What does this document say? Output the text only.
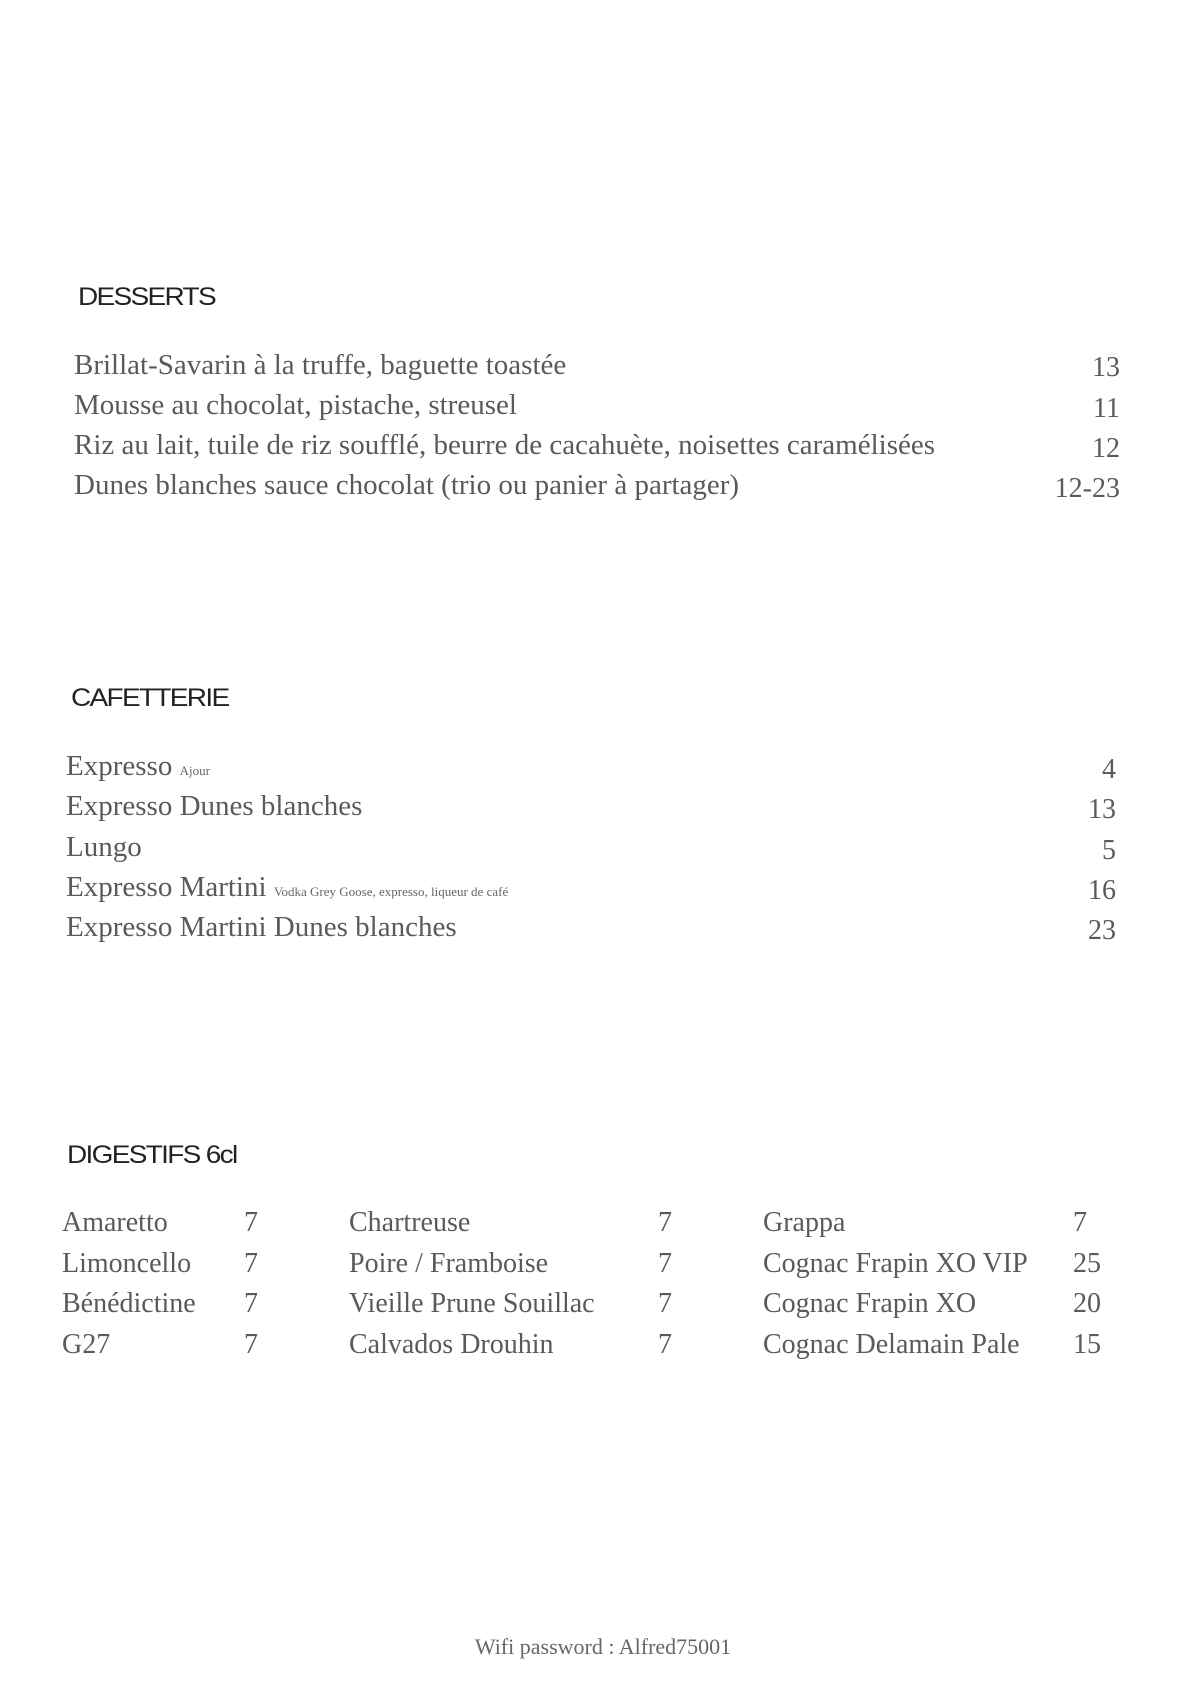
DESSERTS
Brillat-Savarin à la truffe, baguette toastée	13
Mousse au chocolat, pistache, streusel	11
Riz au lait, tuile de riz soufflé, beurre de cacahuète, noisettes caramélisées	12
Dunes blanches sauce chocolat (trio ou panier à partager)	12-23
CAFETTERIE
Expresso Ajour	4
Expresso Dunes blanches	13
Lungo	5
Expresso Martini Vodka Grey Goose, expresso, liqueur de café	16
Expresso Martini Dunes blanches	23
DIGESTIFS 6cl
Amaretto	7
Limoncello 7
Bénédictine 7
G27	7
Chartreuse	7
Poire / Framboise	7
Vieille Prune Souillac 7
Calvados Drouhin	7
Grappa	7
Cognac Frapin XO VIP 25
Cognac Frapin XO	20
Cognac Delamain Pale 15
Wifi password : Alfred75001
